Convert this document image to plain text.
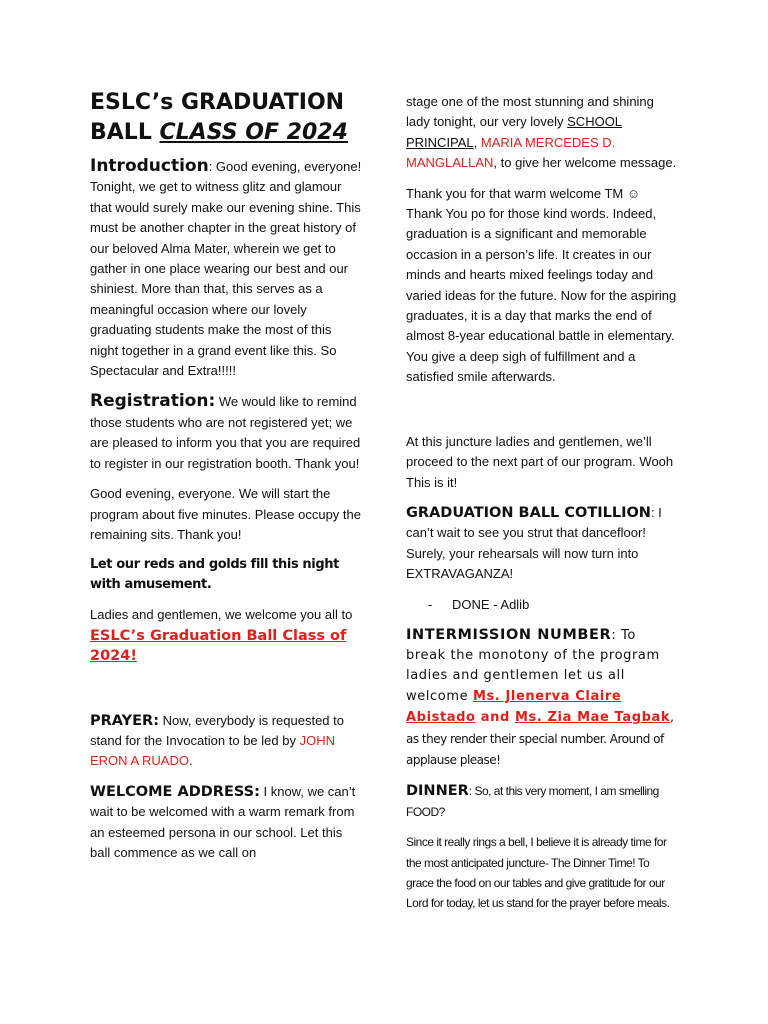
ESLC’s GRADUATION
BALL CLASS OF 2024

Introduction: Good evening, everyone! Tonight, we get to witness glitz and glamour that would surely make our evening shine. This must be another chapter in the great history of our beloved Alma Mater, wherein we get to gather in one place wearing our best and our shiniest. More than that, this serves as a meaningful occasion where our lovely graduating students make the most of this night together in a grand event like this. So Spectacular and Extra!!!!!

Registration: We would like to remind those students who are not registered yet; we are pleased to inform you that you are required to register in our registration booth. Thank you!

Good evening, everyone. We will start the program about five minutes. Please occupy the remaining sits. Thank you!

Let our reds and golds fill this night with amusement.

Ladies and gentlemen, we welcome you all to ESLC’s Graduation Ball Class of 2024!

PRAYER: Now, everybody is requested to stand for the Invocation to be led by JOHN ERON A RUADO.

WELCOME ADDRESS: I know, we can’t wait to be welcomed with a warm remark from an esteemed persona in our school. Let this ball commence as we call on

stage one of the most stunning and shining lady tonight, our very lovely SCHOOL PRINCIPAL, MARIA MERCEDES D. MANGLALLAN, to give her welcome message.

Thank you for that warm welcome TM ☺ Thank You po for those kind words. Indeed, graduation is a significant and memorable occasion in a person’s life. It creates in our minds and hearts mixed feelings today and varied ideas for the future. Now for the aspiring graduates, it is a day that marks the end of almost 8-year educational battle in elementary. You give a deep sigh of fulfillment and a satisfied smile afterwards.

At this juncture ladies and gentlemen, we’ll proceed to the next part of our program. Wooh This is it!

GRADUATION BALL COTILLION: I can’t wait to see you strut that dancefloor! Surely, your rehearsals will now turn into EXTRAVAGANZA!

-	DONE - Adlib

INTERMISSION NUMBER: To break the monotony of the program ladies and gentlemen let us all welcome Ms. Jlenerva Claire Abistado and Ms. Zia Mae Tagbak, as they render their special number. Around of applause please!

DINNER: So, at this very moment, I am smelling FOOD?

Since it really rings a bell, I believe it is already time for the most anticipated juncture- The Dinner Time! To grace the food on our tables and give gratitude for our Lord for today, let us stand for the prayer before meals.
